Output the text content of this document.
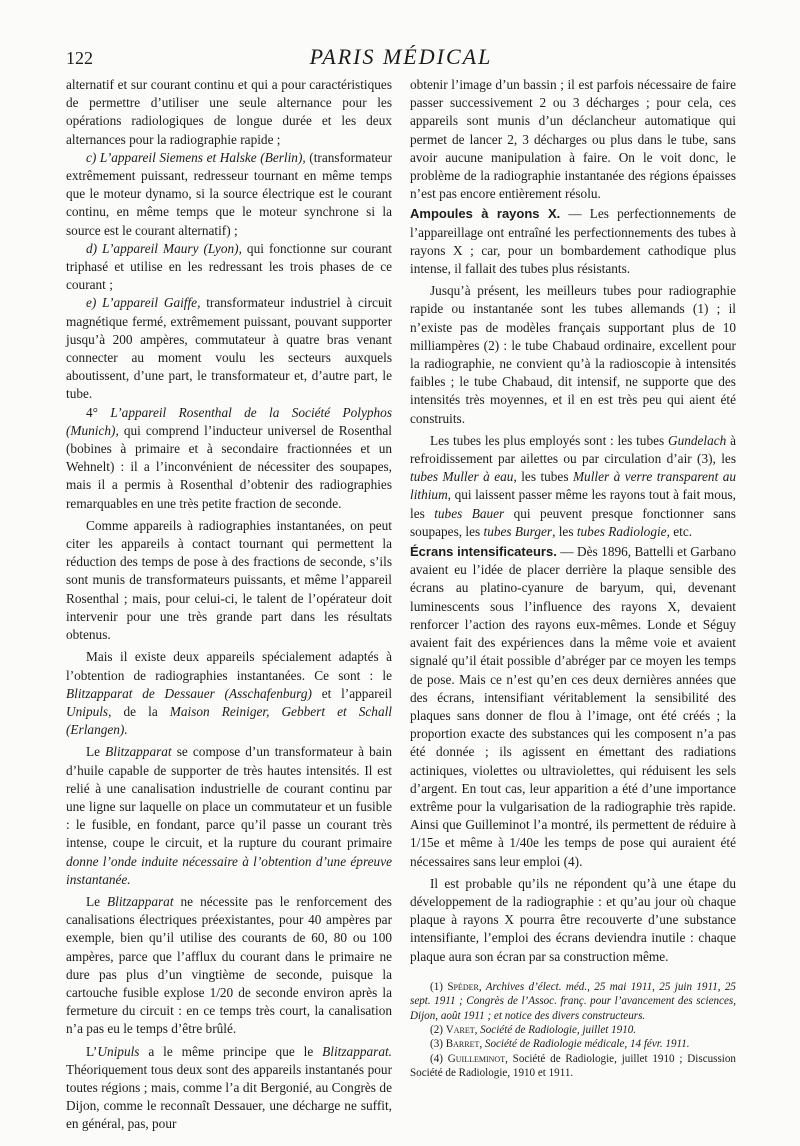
122	PARIS MÉDICAL

alternatif et sur courant continu et qui a pour caractéristiques de permettre d’utiliser une seule alternance pour les opérations radiologiques de longue durée et les deux alternances pour la radiographie rapide ;

c) L’appareil Siemens et Halske (Berlin), (transformateur extrêmement puissant, redresseur tournant en même temps que le moteur dynamo, si la source électrique est le courant continu, en même temps que le moteur synchrone si la source est le courant alternatif) ;

d) L’appareil Maury (Lyon), qui fonctionne sur courant triphasé et utilise en les redressant les trois phases de ce courant ;

e) L’appareil Gaiffe, transformateur industriel à circuit magnétique fermé, extrêmement puissant, pouvant supporter jusqu’à 200 ampères, commutateur à quatre bras venant connecter au moment voulu les secteurs auxquels aboutissent, d’une part, le transformateur et, d’autre part, le tube.

4° L’appareil Rosenthal de la Société Polyphos (Munich), qui comprend l’inducteur universel de Rosenthal (bobines à primaire et à secondaire fractionnées et un Wehnelt) : il a l’inconvénient de nécessiter des soupapes, mais il a permis à Rosenthal d’obtenir des radiographies remarquables en une très petite fraction de seconde.

Comme appareils à radiographies instantanées, on peut citer les appareils à contact tournant qui permettent la réduction des temps de pose à des fractions de seconde, s’ils sont munis de transformateurs puissants, et même l’appareil Rosenthal ; mais, pour celui-ci, le talent de l’opérateur doit intervenir pour une très grande part dans les résultats obtenus.

Mais il existe deux appareils spécialement adaptés à l’obtention de radiographies instantanées. Ce sont : le Blitzapparat de Dessauer (Asschafenburg) et l’appareil Unipuls, de la Maison Reiniger, Gebbert et Schall (Erlangen).

Le Blitzapparat se compose d’un transformateur à bain d’huile capable de supporter de très hautes intensités. Il est relié à une canalisation industrielle de courant continu par une ligne sur laquelle on place un commutateur et un fusible : le fusible, en fondant, parce qu’il passe un courant très intense, coupe le circuit, et la rupture du courant primaire donne l’onde induite nécessaire à l’obtention d’une épreuve instantanée.

Le Blitzapparat ne nécessite pas le renforcement des canalisations électriques préexistantes, pour 40 ampères par exemple, bien qu’il utilise des courants de 60, 80 ou 100 ampères, parce que l’afflux du courant dans le primaire ne dure pas plus d’un vingtième de seconde, puisque la cartouche fusible explose 1/20 de seconde environ après la fermeture du circuit : en ce temps très court, la canalisation n’a pas eu le temps d’être brûlé.

L’Unipuls a le même principe que le Blitzapparat. Théoriquement tous deux sont des appareils instantanés pour toutes régions ; mais, comme l’a dit Bergonié, au Congrès de Dijon, comme le reconnaît Dessauer, une décharge ne suffit, en général, pas, pour

obtenir l’image d’un bassin ; il est parfois nécessaire de faire passer successivement 2 ou 3 décharges ; pour cela, ces appareils sont munis d’un déclancheur automatique qui permet de lancer 2, 3 décharges ou plus dans le tube, sans avoir aucune manipulation à faire. On le voit donc, le problème de la radiographie instantanée des régions épaisses n’est pas encore entièrement résolu.

Ampoules à rayons X. — Les perfectionnements de l’appareillage ont entraîné les perfectionnements des tubes à rayons X ; car, pour un bombardement cathodique plus intense, il fallait des tubes plus résistants.

Jusqu’à présent, les meilleurs tubes pour radiographie rapide ou instantanée sont les tubes allemands (1) ; il n’existe pas de modèles français supportant plus de 10 milliampères (2) : le tube Chabaud ordinaire, excellent pour la radiographie, ne convient qu’à la radioscopie à intensités faibles ; le tube Chabaud, dit intensif, ne supporte que des intensités très moyennes, et il en est très peu qui aient été construits.

Les tubes les plus employés sont : les tubes Gundelach à refroidissement par ailettes ou par circulation d’air (3), les tubes Muller à eau, les tubes Muller à verre transparent au lithium, qui laissent passer même les rayons tout à fait mous, les tubes Bauer qui peuvent presque fonctionner sans soupapes, les tubes Burger, les tubes Radiologie, etc.

Écrans intensificateurs. — Dès 1896, Battelli et Garbano avaient eu l’idée de placer derrière la plaque sensible des écrans au platino-cyanure de baryum, qui, devenant luminescents sous l’influence des rayons X, devaient renforcer l’action des rayons eux-mêmes. Londe et Séguy avaient fait des expériences dans la même voie et avaient signalé qu’il était possible d’abréger par ce moyen les temps de pose. Mais ce n’est qu’en ces deux dernières années que des écrans, intensifiant véritablement la sensibilité des plaques sans donner de flou à l’image, ont été créés ; la proportion exacte des substances qui les composent n’a pas été donnée ; ils agissent en émettant des radiations actiniques, violettes ou ultraviolettes, qui réduisent les sels d’argent. En tout cas, leur apparition a été d’une importance extrême pour la vulgarisation de la radiographie très rapide. Ainsi que Guilleminot l’a montré, ils permettent de réduire à 1/15e et même à 1/40e les temps de pose qui auraient été nécessaires sans leur emploi (4).

Il est probable qu’ils ne répondent qu’à une étape du développement de la radiographie : et qu’au jour où chaque plaque à rayons X pourra être recouverte d’une substance intensifiante, l’emploi des écrans deviendra inutile : chaque plaque aura son écran par sa construction même.

(1) Spéder, Archives d’élect. méd., 25 mai 1911, 25 juin 1911, 25 sept. 1911 ; Congrès de l’Assoc. franç. pour l’avancement des sciences, Dijon, août 1911 ; et notice des divers constructeurs.

(2) Varet, Société de Radiologie, juillet 1910.

(3) Barret, Société de Radiologie médicale, 14 févr. 1911.

(4) Guilleminot, Société de Radiologie, juillet 1910 ; Discussion Société de Radiologie, 1910 et 1911.
